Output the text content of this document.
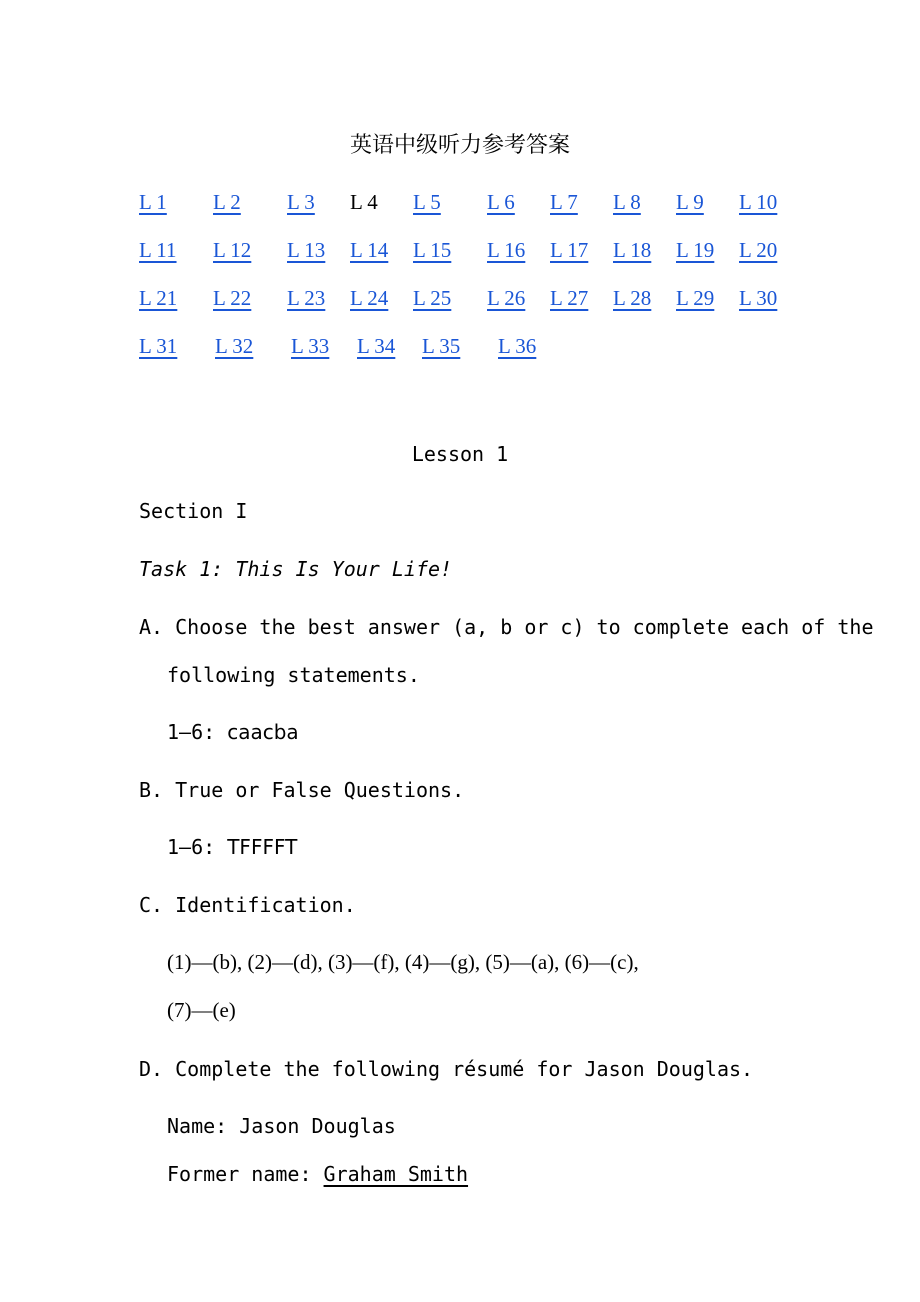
英语中级听力参考答案
L 1 L 2 L 3 L 4 L 5 L 6 L 7 L 8 L 9 L 10
L 11 L 12 L 13 L 14 L 15 L 16 L 17 L 18 L 19 L 20
L 21 L 22 L 23 L 24 L 25 L 26 L 27 L 28 L 29 L 30
L 31 L 32 L 33 L 34 L 35 L 36
Lesson 1
Section I
Task 1: This Is Your Life!
A. Choose the best answer (a, b or c) to complete each of the
following statements.
1—6: caacba
B. True or False Questions.
1—6: TFFFFT
C. Identification.
(1)—(b), (2)—(d), (3)—(f), (4)—(g), (5)—(a), (6)—(c),
(7)—(e)
D. Complete the following résumé for Jason Douglas.
Name: Jason Douglas
Former name: Graham Smith
